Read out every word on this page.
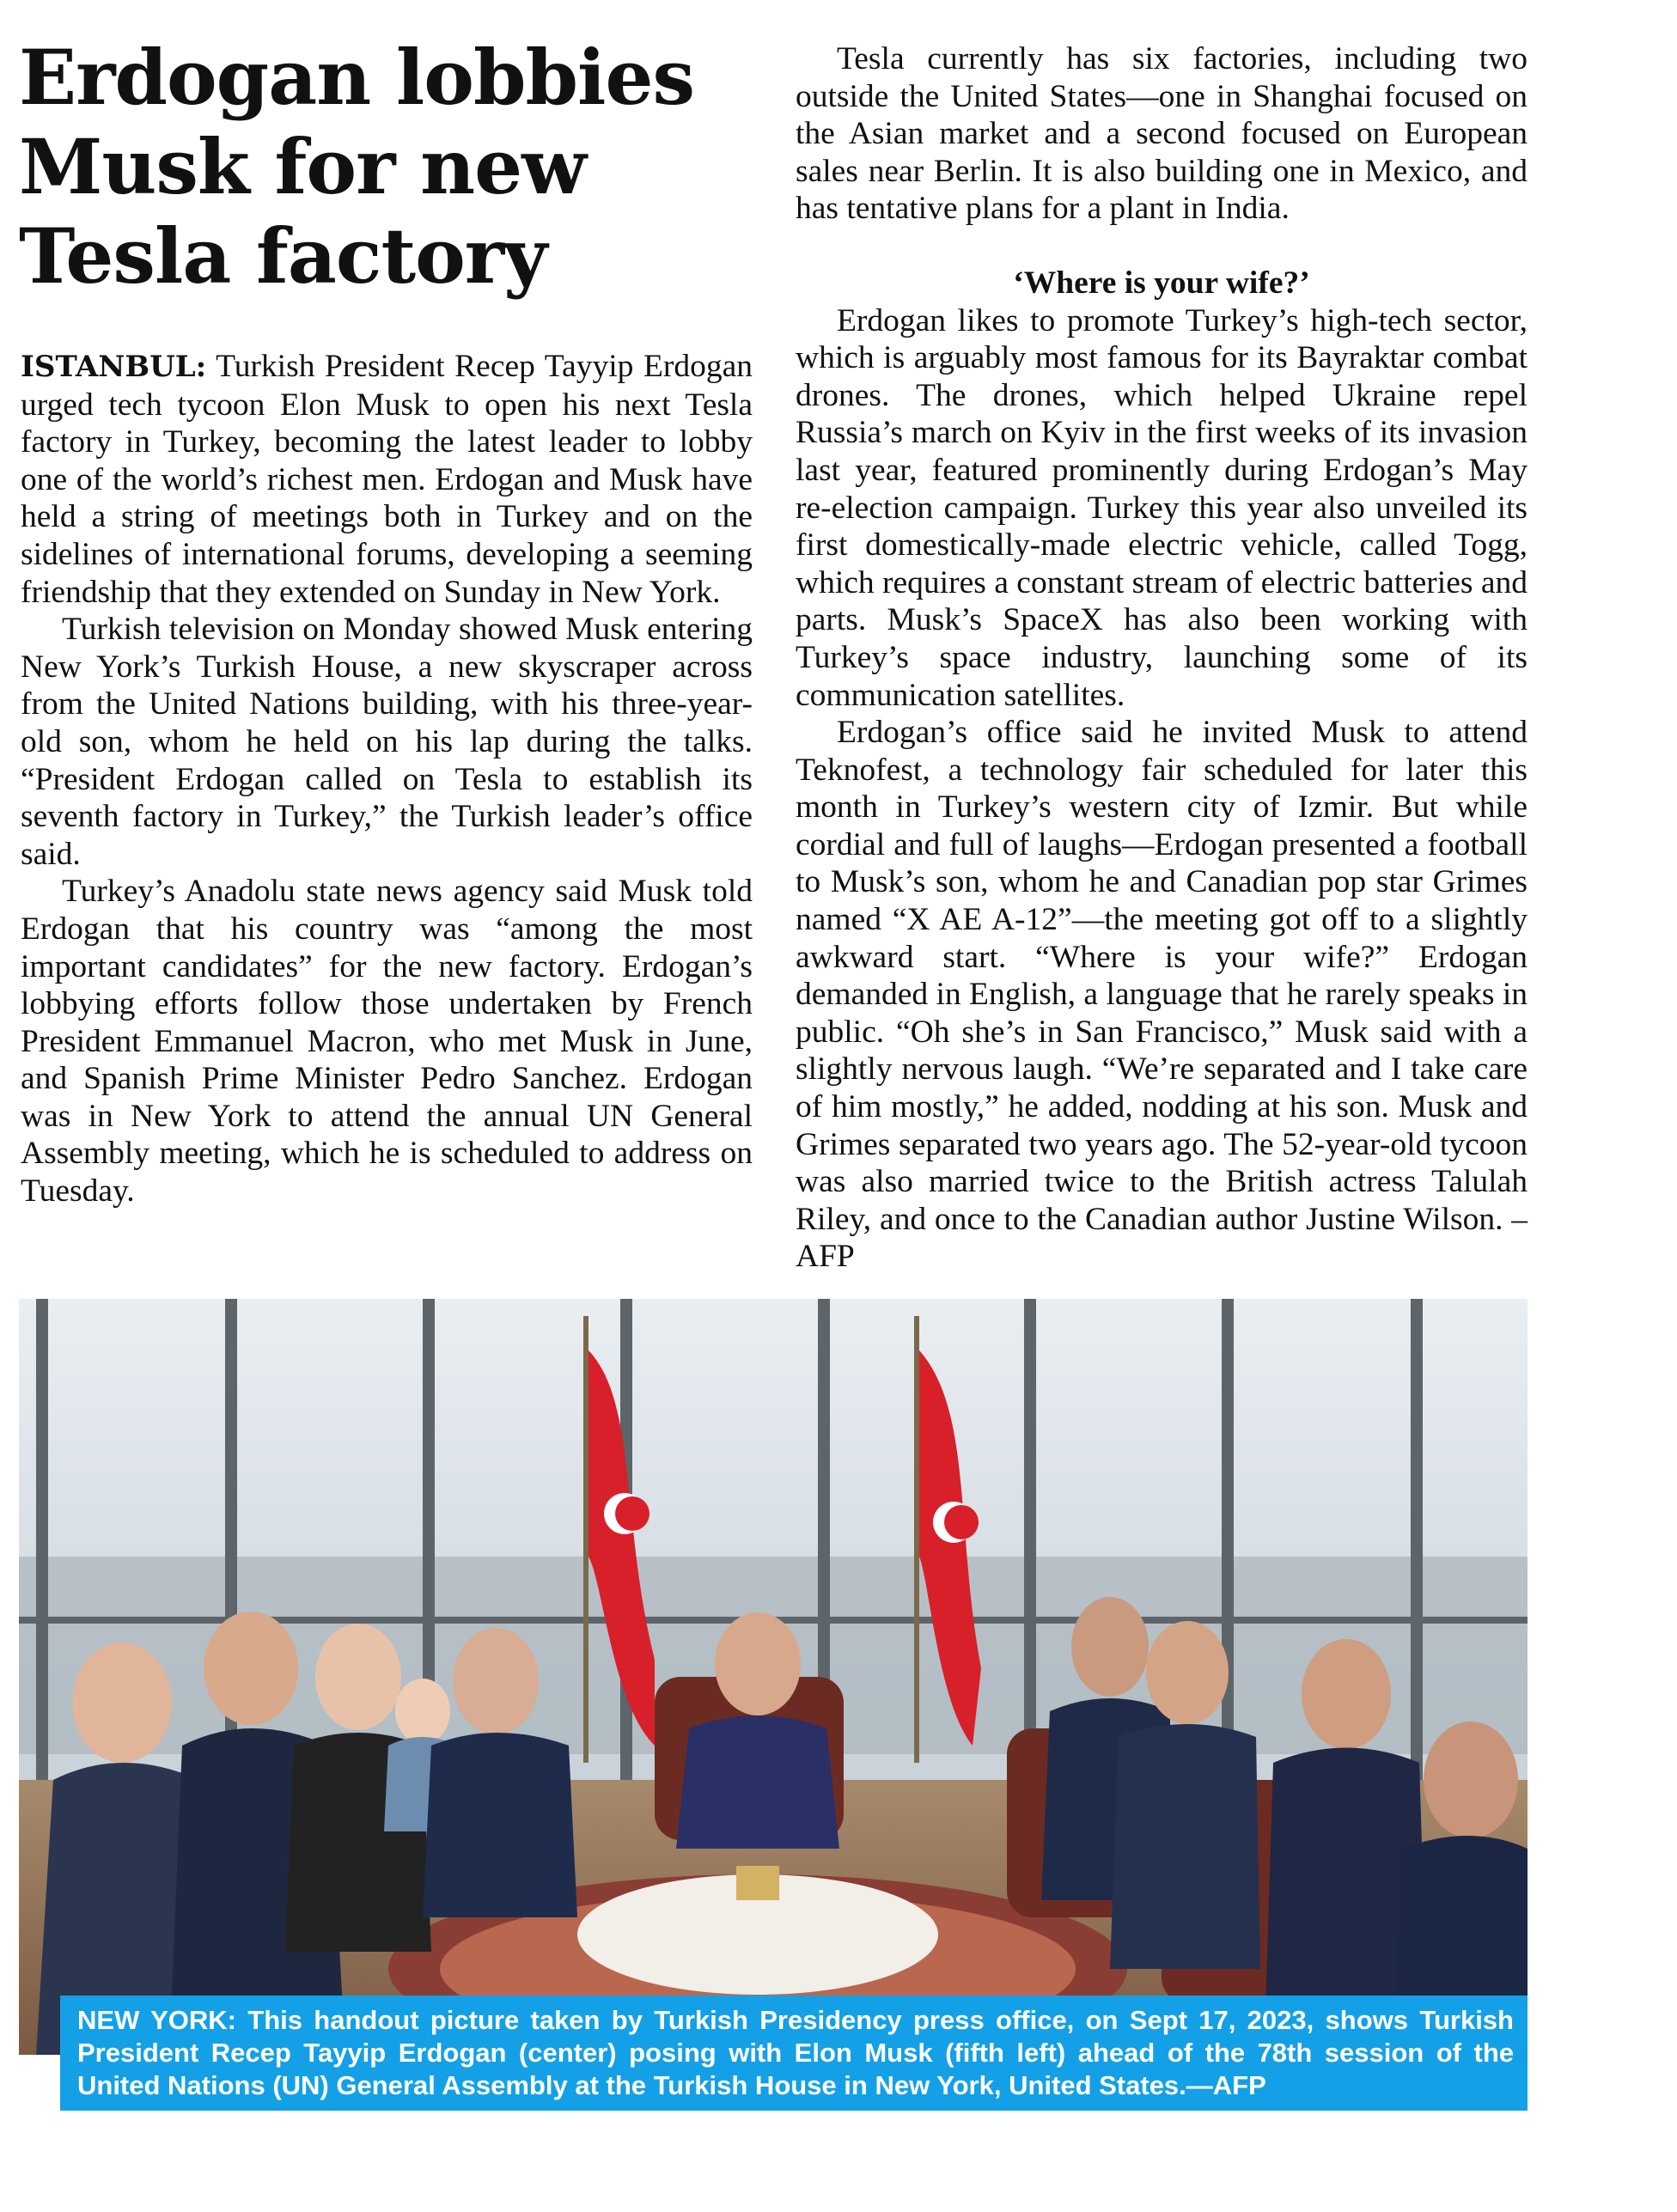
Erdogan lobbies Musk for new Tesla factory

ISTANBUL: Turkish President Recep Tayyip Erdogan urged tech tycoon Elon Musk to open his next Tesla factory in Turkey, becoming the latest leader to lobby one of the world’s richest men. Erdogan and Musk have held a string of meetings both in Turkey and on the sidelines of international forums, developing a seeming friendship that they extended on Sunday in New York.

Turkish television on Monday showed Musk entering New York’s Turkish House, a new skyscraper across from the United Nations building, with his three-year-old son, whom he held on his lap during the talks. “President Erdogan called on Tesla to establish its seventh factory in Turkey,” the Turkish leader’s office said.

Turkey’s Anadolu state news agency said Musk told Erdogan that his country was “among the most important candidates” for the new factory. Erdogan’s lobbying efforts follow those undertaken by French President Emmanuel Macron, who met Musk in June, and Spanish Prime Minister Pedro Sanchez. Erdogan was in New York to attend the annual UN General Assembly meeting, which he is scheduled to address on Tuesday.

Tesla currently has six factories, including two outside the United States—one in Shanghai focused on the Asian market and a second focused on European sales near Berlin. It is also building one in Mexico, and has tentative plans for a plant in India.

‘Where is your wife?’

Erdogan likes to promote Turkey’s high-tech sector, which is arguably most famous for its Bayraktar combat drones. The drones, which helped Ukraine repel Russia’s march on Kyiv in the first weeks of its invasion last year, featured prominently during Erdogan’s May re-election campaign. Turkey this year also unveiled its first domestically-made electric vehicle, called Togg, which requires a constant stream of electric batteries and parts. Musk’s SpaceX has also been working with Turkey’s space industry, launching some of its communication satellites.

Erdogan’s office said he invited Musk to attend Teknofest, a technology fair scheduled for later this month in Turkey’s western city of Izmir. But while cordial and full of laughs—Erdogan presented a football to Musk’s son, whom he and Canadian pop star Grimes named “X AE A-12”—the meeting got off to a slightly awkward start. “Where is your wife?” Erdogan demanded in English, a language that he rarely speaks in public. “Oh she’s in San Francisco,” Musk said with a slightly nervous laugh. “We’re separated and I take care of him mostly,” he added, nodding at his son. Musk and Grimes separated two years ago. The 52-year-old tycoon was also married twice to the British actress Talulah Riley, and once to the Canadian author Justine Wilson. –AFP

NEW YORK: This handout picture taken by Turkish Presidency press office, on Sept 17, 2023, shows Turkish President Recep Tayyip Erdogan (center) posing with Elon Musk (fifth left) ahead of the 78th session of the United Nations (UN) General Assembly at the Turkish House in New York, United States.—AFP
